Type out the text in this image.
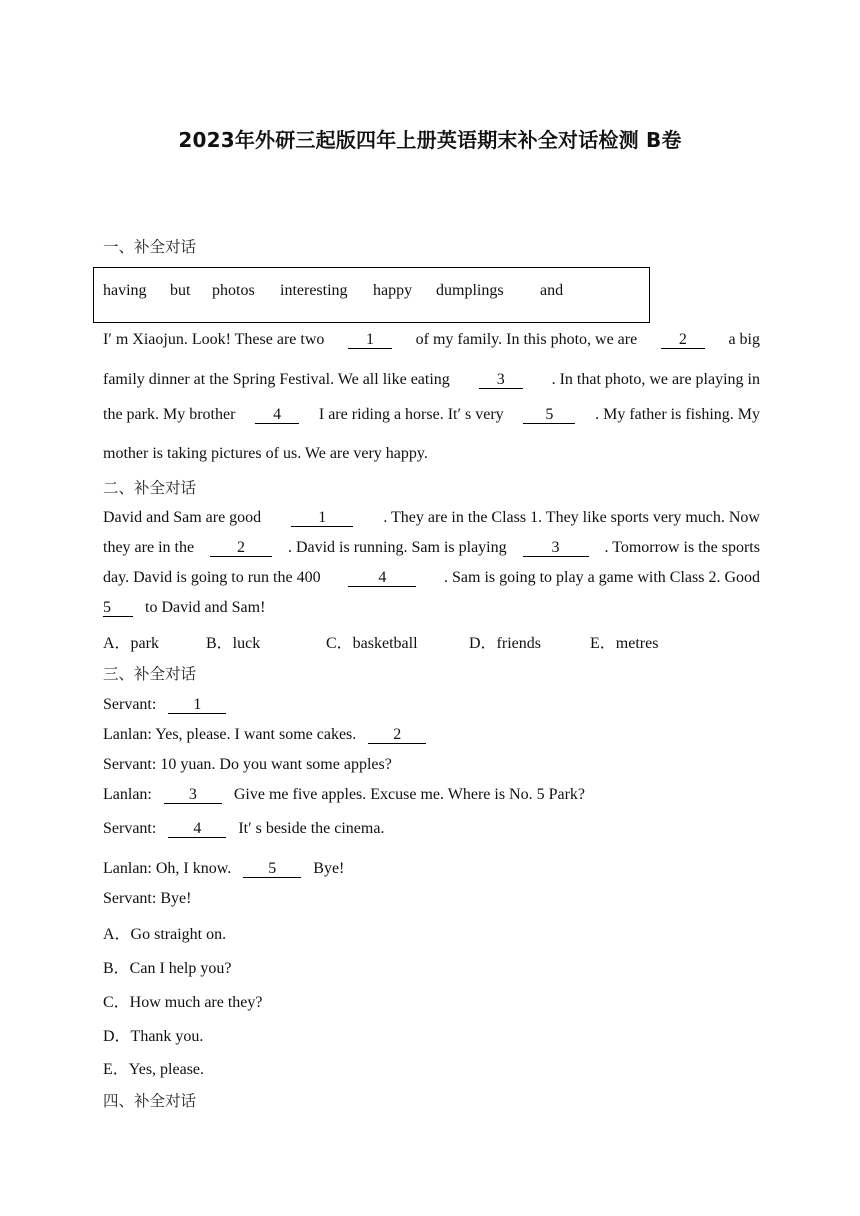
2023年外研三起版四年上册英语期末补全对话检测 B卷
一、补全对话
having but photos interesting happy dumplings and
I′ m Xiaojun. Look! These are two	1	of my family. In this photo, we are	2	a big
family dinner at the Spring Festival. We all like eating	3	. In that photo, we are playing in
the park. My brother	4	I are riding a horse. It′ s very	5	. My father is fishing. My
mother is taking pictures of us. We are very happy.
二、补全对话
David and Sam are good	1	. They are in the Class 1. They like sports very much. Now
they are in the	2	. David is running. Sam is playing	3	. Tomorrow is the sports
day. David is going to run the 400	4	. Sam is going to play a game with Class 2. Good
5 to David and Sam!
A．park	B．luck	C．basketball	D．friends	E．metres
三、补全对话
Servant: 1
Lanlan: Yes, please. I want some cakes. 2
Servant: 10 yuan. Do you want some apples?
Lanlan: 3 Give me five apples. Excuse me. Where is No. 5 Park?
Servant: 4 It′ s beside the cinema.
Lanlan: Oh, I know. 5 Bye!
Servant: Bye!
A．Go straight on.
B．Can I help you?
C．How much are they?
D．Thank you.
E．Yes, please.
四、补全对话
